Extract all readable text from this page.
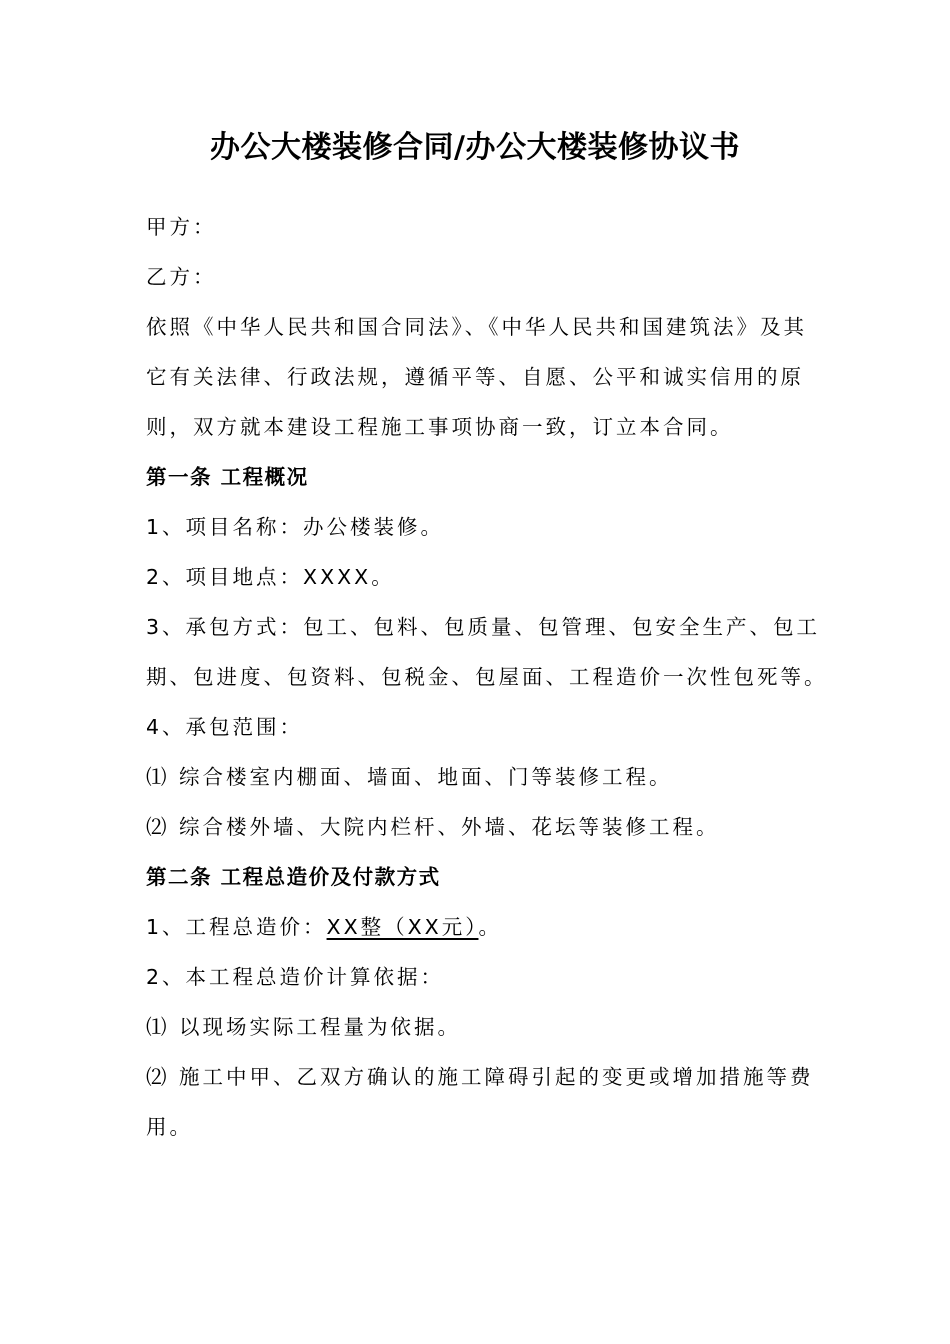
办公大楼装修合同/办公大楼装修协议书
甲方：
乙方：
依照《中华人民共和国合同法》、《中华人民共和国建筑法》及其
它有关法律、行政法规，遵循平等、自愿、公平和诚实信用的原
则，双方就本建设工程施工事项协商一致，订立本合同。
第一条 工程概况
1、项目名称：办公楼装修。
2、项目地点：XXXX。
3、承包方式：包工、包料、包质量、包管理、包安全生产、包工
期、包进度、包资料、包税金、包屋面、工程造价一次性包死等。
4、承包范围：
⑴ 综合楼室内棚面、墙面、地面、门等装修工程。
⑵ 综合楼外墙、大院内栏杆、外墙、花坛等装修工程。
第二条 工程总造价及付款方式
1、工程总造价：XX整（XX元）。
2、本工程总造价计算依据：
⑴ 以现场实际工程量为依据。
⑵ 施工中甲、乙双方确认的施工障碍引起的变更或增加措施等费
用。
